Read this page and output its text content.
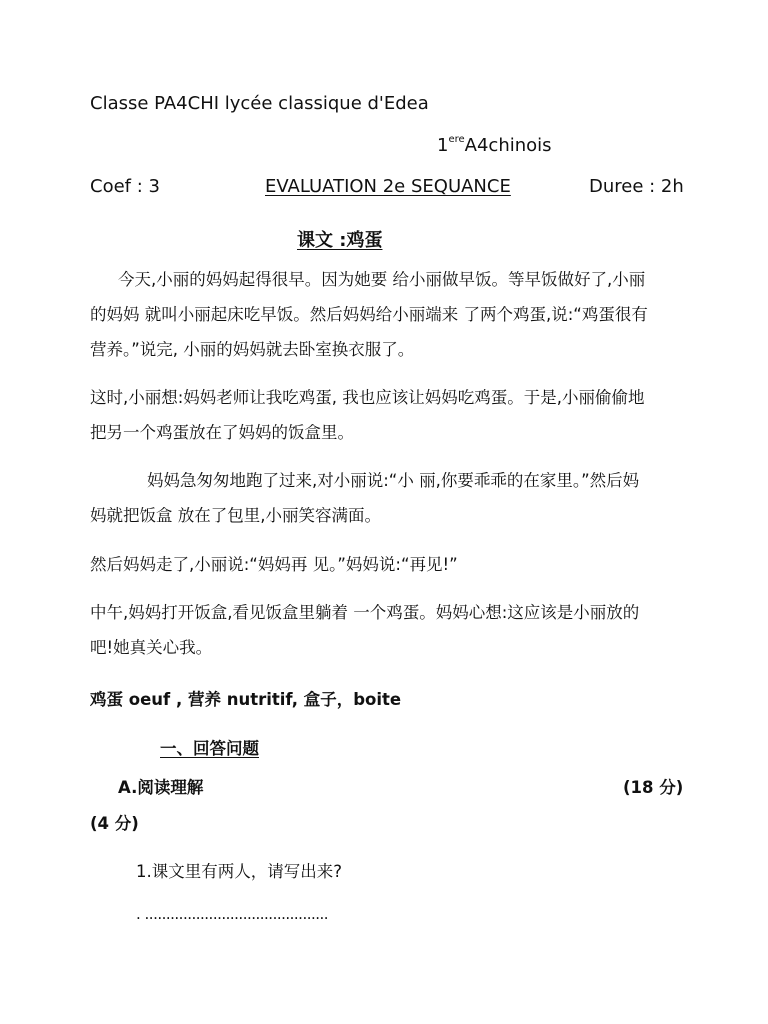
Classe PA4CHI lycée classique d'Edea
1ereA4chinois
Coef : 3	EVALUATION 2e SEQUANCE	Duree : 2h
课文 :鸡蛋
今天,小丽的妈妈起得很早。因为她要 给小丽做早饭。等早饭做好了,小丽
的妈妈 就叫小丽起床吃早饭。然后妈妈给小丽端来 了两个鸡蛋,说:“鸡蛋很有
营养。”说完, 小丽的妈妈就去卧室换衣服了。
这时,小丽想:妈妈老师让我吃鸡蛋, 我也应该让妈妈吃鸡蛋。于是,小丽偷偷地
把另一个鸡蛋放在了妈妈的饭盒里。
妈妈急匆匆地跑了过来,对小丽说:“小 丽,你要乖乖的在家里。”然后妈
妈就把饭盒 放在了包里,小丽笑容满面。
然后妈妈走了,小丽说:“妈妈再 见。”妈妈说:“再见!”
中午,妈妈打开饭盒,看见饭盒里躺着 一个鸡蛋。妈妈心想:这应该是小丽放的
吧!她真关心我。
鸡蛋 oeuf , 营养 nutritif, 盒子，boite
一、回答问题
A.阅读理解	(18 分)
(4 分)
1.课文里有两人，请写出来?
. ...........................................
